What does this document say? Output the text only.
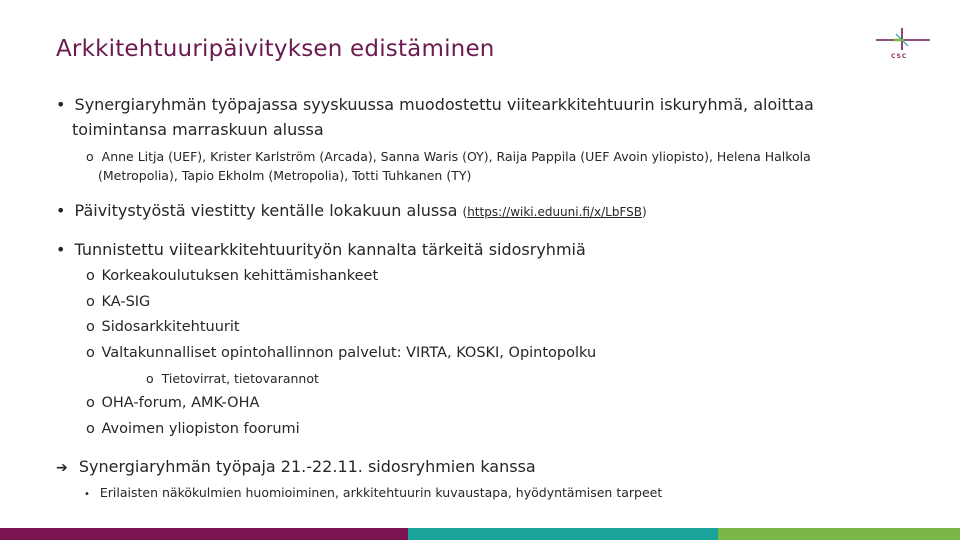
Arkkitehtuuripäivityksen edistäminen	CSC
• Synergiaryhmän työpajassa syyskuussa muodostettu viitearkkitehtuurin iskuryhmä, aloittaa
toimintansa marraskuun alussa
o Anne Litja (UEF), Krister Karlström (Arcada), Sanna Waris (OY), Raija Pappila (UEF Avoin yliopisto), Helena Halkola
(Metropolia), Tapio Ekholm (Metropolia), Totti Tuhkanen (TY)
• Päivitystyöstä viestitty kentälle lokakuun alussa (https://wiki.eduuni.fi/x/LbFSB)
• Tunnistettu viitearkkitehtuurityön kannalta tärkeitä sidosryhmiä
o Korkeakoulutuksen kehittämishankeet
o KA-SIG
o Sidosarkkitehtuurit
o Valtakunnalliset opintohallinnon palvelut: VIRTA, KOSKI, Opintopolku
o Tietovirrat, tietovarannot
o OHA-forum, AMK-OHA
o Avoimen yliopiston foorumi
➔ Synergiaryhmän työpaja 21.-22.11. sidosryhmien kanssa
• Erilaisten näkökulmien huomioiminen, arkkitehtuurin kuvaustapa, hyödyntämisen tarpeet
